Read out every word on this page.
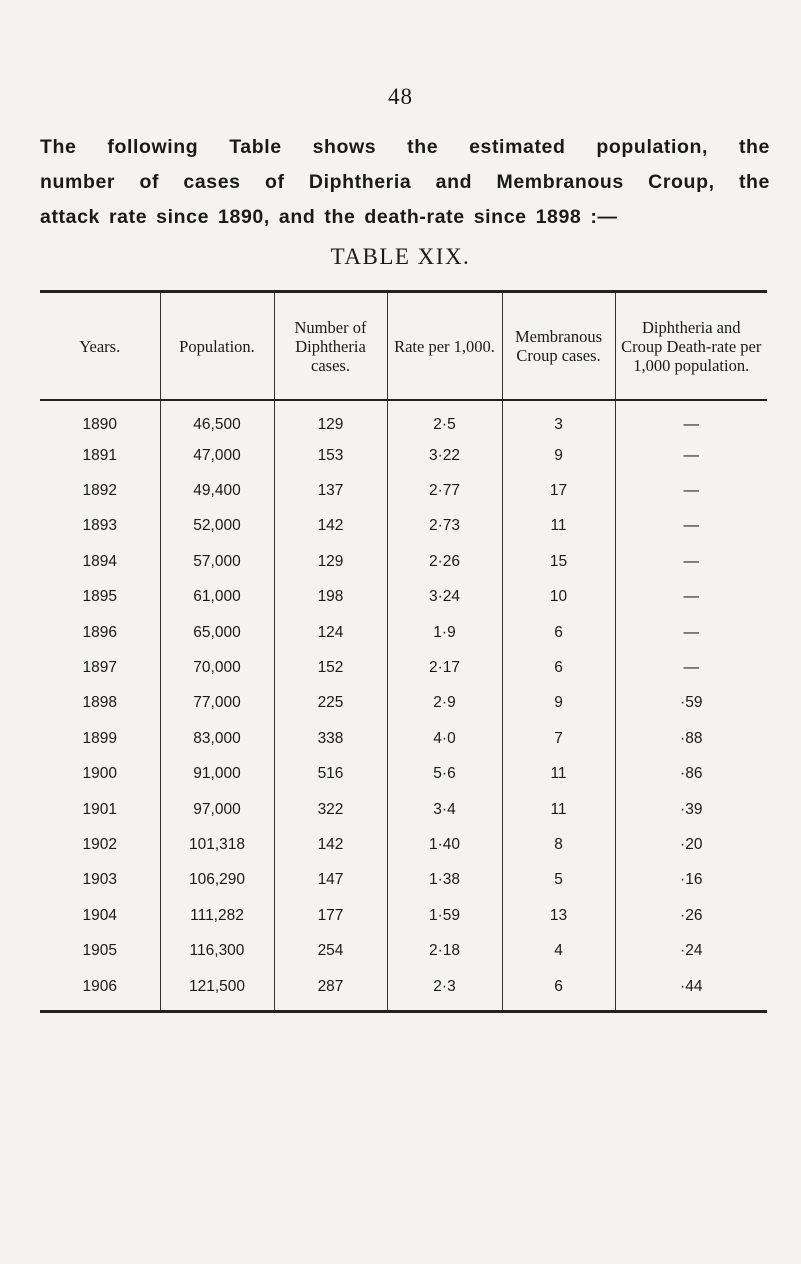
48
The following Table shows the estimated population, the
number of cases of Diphtheria and Membranous Croup, the
attack rate since 1890, and the death-rate since 1898 :—
TABLE XIX.
Years.	Population.	Number of Diphtheria cases.	Rate per 1,000.	Membranous Croup cases.	Diphtheria and Croup Death-rate per 1,000 population.
1890	46,500	129	2·5	3	—
1891	47,000	153	3·22	9	—
1892	49,400	137	2·77	17	—
1893	52,000	142	2·73	11	—
1894	57,000	129	2·26	15	—
1895	61,000	198	3·24	10	—
1896	65,000	124	1·9	6	—
1897	70,000	152	2·17	6	—
1898	77,000	225	2·9	9	·59
1899	83,000	338	4·0	7	·88
1900	91,000	516	5·6	11	·86
1901	97,000	322	3·4	11	·39
1902	101,318	142	1·40	8	·20
1903	106,290	147	1·38	5	·16
1904	111,282	177	1·59	13	·26
1905	116,300	254	2·18	4	·24
1906	121,500	287	2·3	6	·44
